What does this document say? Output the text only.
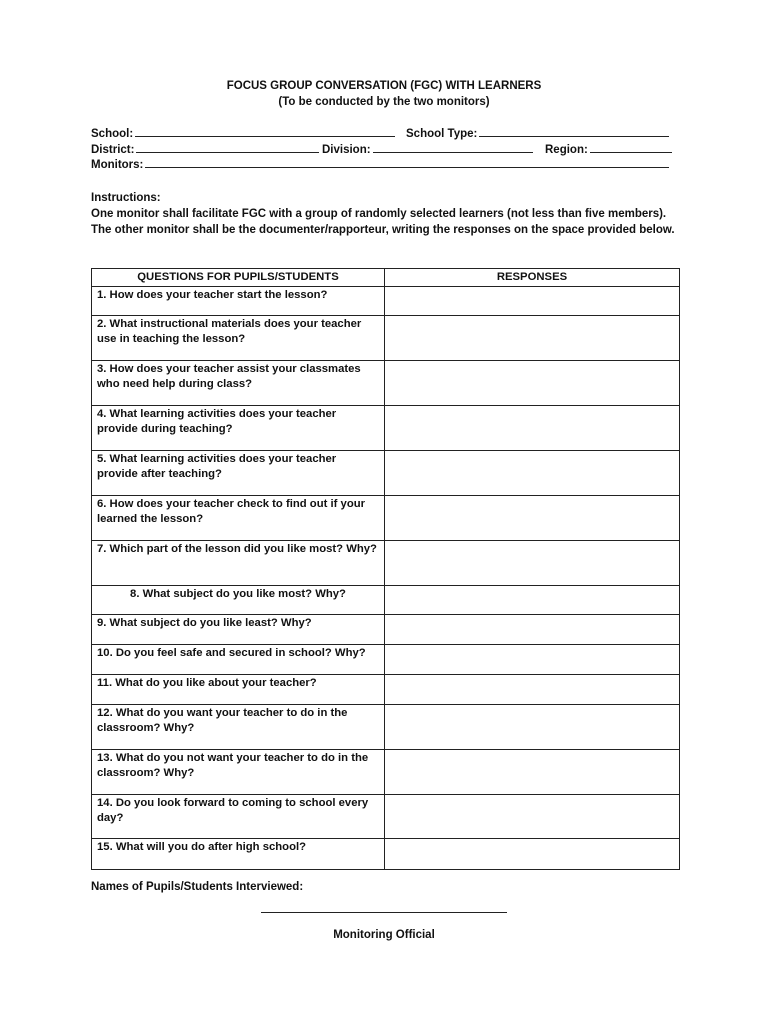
FOCUS GROUP CONVERSATION (FGC) WITH LEARNERS
(To be conducted by the two monitors)
School:	School Type:
District:	Division:	Region:
Monitors:
Instructions:
One monitor shall facilitate FGC with a group of randomly selected learners (not less than five members). The other monitor shall be the documenter/rapporteur, writing the responses on the space provided below.
QUESTIONS FOR PUPILS/STUDENTS	RESPONSES
1. How does your teacher start the lesson?	
2. What instructional materials does your teacher use in teaching the lesson?	
3. How does your teacher assist your classmates who need help during class?	
4. What learning activities does your teacher provide during teaching?	
5. What learning activities does your teacher provide after teaching?	
6. How does your teacher check to find out if your learned the lesson?	
7. Which part of the lesson did you like most? Why?	
8. What subject do you like most? Why?	
9. What subject do you like least? Why?	
10. Do you feel safe and secured in school? Why?	
11. What do you like about your teacher?	
12. What do you want your teacher to do in the classroom? Why?	
13. What do you not want your teacher to do in the classroom? Why?	
14. Do you look forward to coming to school every day?	
15. What will you do after high school?	
Names of Pupils/Students Interviewed:
Monitoring Official
